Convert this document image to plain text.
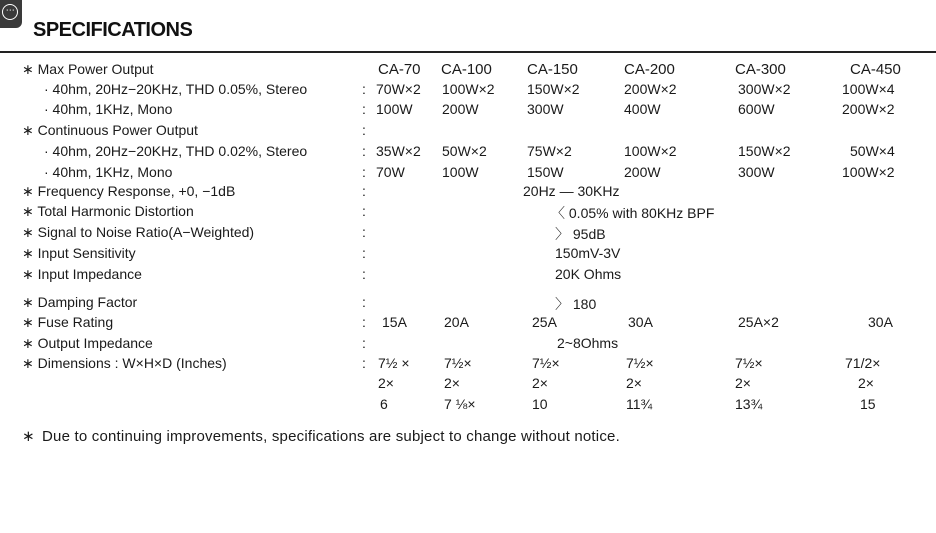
⋯
SPECIFICATIONS
∗ Max Power Output	CA-70 CA-100 CA-150	CA-200	CA-300	CA-450
· 40hm, 20Hz−20KHz, THD 0.05%, Stereo	: 70W×2 100W×2 150W×2	200W×2	300W×2	100W×4
· 40hm, 1KHz, Mono	: 100W 200W	300W	400W	600W	200W×2
∗ Continuous Power Output	:
· 40hm, 20Hz−20KHz, THD 0.02%, Stereo	: 35W×2 50W×2	75W×2	100W×2	150W×2	50W×4
· 40hm, 1KHz, Mono	: 70W	100W	150W	200W	300W	100W×2
∗ Frequency Response, +0, −1dB	:	20Hz — 30KHz
∗ Total Harmonic Distortion	:	〈 0.05% with 80KHz BPF
∗ Signal to Noise Ratio(A−Weighted)	:	〉 95dB
∗ Input Sensitivity	:	150mV-3V
∗ Input Impedance	:	20K Ohms
∗ Damping Factor	:	〉 180
∗ Fuse Rating	: 15A	20A	25A	30A	25A×2	30A
∗ Output Impedance	:	2~8Ohms
∗ Dimensions : W×H×D (Inches)	: 7½ × 7½×	7½×	7½×	7½×	71/2×
2×	2×	2×	2×	2×	2×
6	7 ⅛×	10	11¾	13¾	15
∗ Due to continuing improvements, specifications are subject to change without notice.
